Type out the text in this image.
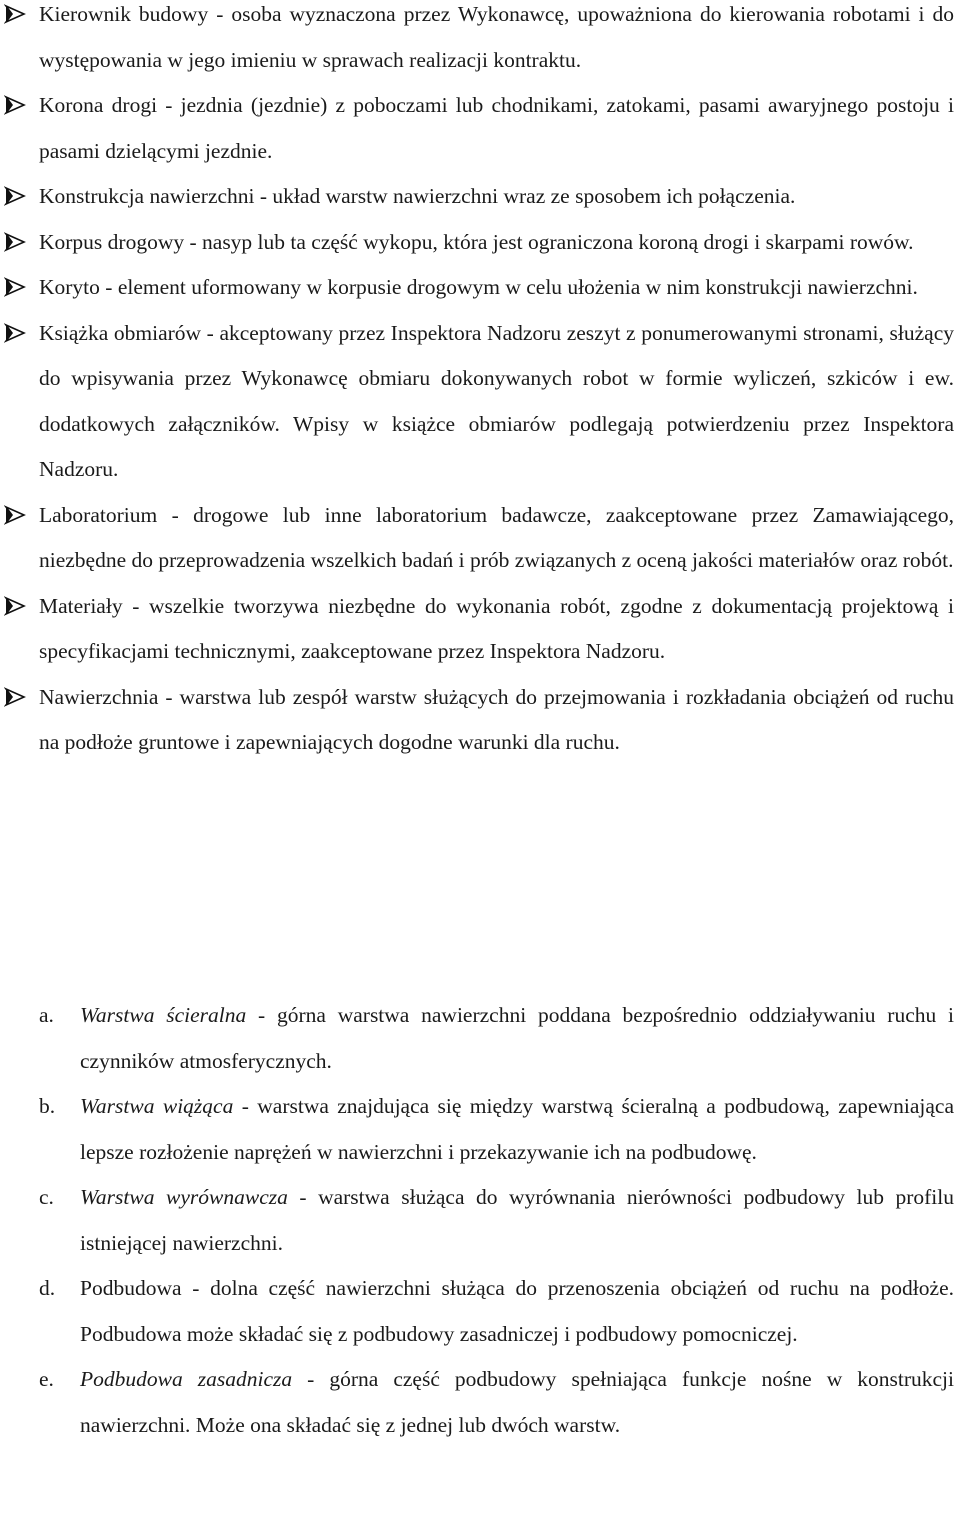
Kierownik budowy - osoba wyznaczona przez Wykonawcę, upoważniona do kierowania robotami i do występowania w jego imieniu w sprawach realizacji kontraktu.
Korona drogi - jezdnia (jezdnie) z poboczami lub chodnikami, zatokami, pasami awaryjnego postoju i pasami dzielącymi jezdnie.
Konstrukcja nawierzchni - układ warstw nawierzchni wraz ze sposobem ich połączenia.
Korpus drogowy - nasyp lub ta część wykopu, która jest ograniczona koroną drogi i skarpami rowów.
Koryto - element uformowany w korpusie drogowym w celu ułożenia w nim konstrukcji nawierzchni.
Książka obmiarów - akceptowany przez Inspektora Nadzoru zeszyt z ponumerowanymi stronami, służący do wpisywania przez Wykonawcę obmiaru dokonywanych robot w formie wyliczeń, szkiców i ew. dodatkowych załączników. Wpisy w książce obmiarów podlegają potwierdzeniu przez Inspektora Nadzoru.
Laboratorium - drogowe lub inne laboratorium badawcze, zaakceptowane przez Zamawiającego, niezbędne do przeprowadzenia wszelkich badań i prób związanych z oceną jakości materiałów oraz robót.
Materiały - wszelkie tworzywa niezbędne do wykonania robót, zgodne z dokumentacją projektową i specyfikacjami technicznymi, zaakceptowane przez Inspektora Nadzoru.
Nawierzchnia - warstwa lub zespół warstw służących do przejmowania i rozkładania obciążeń od ruchu na podłoże gruntowe i zapewniających dogodne warunki dla ruchu.
a. Warstwa ścieralna - górna warstwa nawierzchni poddana bezpośrednio oddziaływaniu ruchu i czynników atmosferycznych.
b. Warstwa wiążąca - warstwa znajdująca się między warstwą ścieralną a podbudową, zapewniająca lepsze rozłożenie naprężeń w nawierzchni i przekazywanie ich na podbudowę.
c. Warstwa wyrównawcza - warstwa służąca do wyrównania nierówności podbudowy lub profilu istniejącej nawierzchni.
d. Podbudowa - dolna część nawierzchni służąca do przenoszenia obciążeń od ruchu na podłoże. Podbudowa może składać się z podbudowy zasadniczej i podbudowy pomocniczej.
e. Podbudowa zasadnicza - górna część podbudowy spełniająca funkcje nośne w konstrukcji nawierzchni. Może ona składać się z jednej lub dwóch warstw.
